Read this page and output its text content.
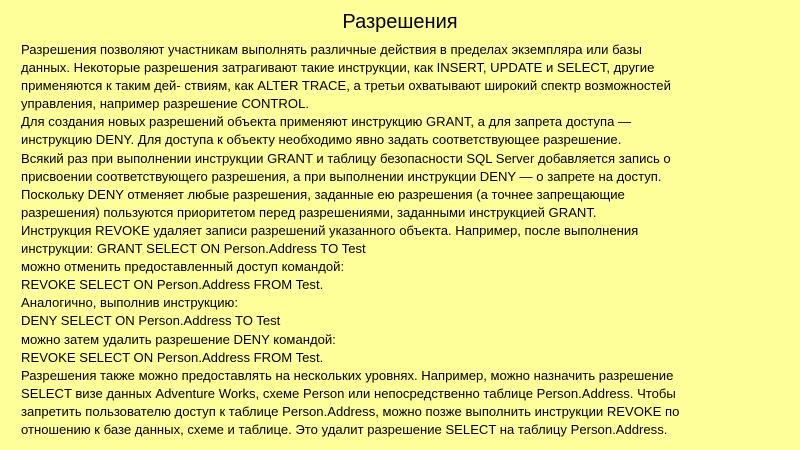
Разрешения
Разрешения позволяют участникам выполнять различные действия в пределах экземпляра или базы
данных. Некоторые разрешения затрагивают такие инструкции, как INSERT, UPDATE и SELECT, другие
применяются к таким дей- ствиям, как ALTER TRACE, а третьи охватывают широкий спектр возможностей
управления, например разрешение CONTROL.
Для создания новых разрешений объекта применяют инструкцию GRANT, а для запрета доступа —
инструкцию DENY. Для доступа к объекту необходимо явно задать соответствующее разрешение.
Всякий раз при выполнении инструкции GRANT и таблицу безопасности SQL Server добавляется запись о
присвоении соответствующего разрешения, а при выполнении инструкции DENY — о запрете на доступ.
Поскольку DENY отменяет любые разрешения, заданные ею разрешения (а точнее запрещающие
разрешения) пользуются приоритетом перед разрешениями, заданными инструкцией GRANT.
Инструкция REVOKE удаляет записи разрешений указанного объекта. Например, после выполнения
инструкции: GRANT SELECT ON Person.Address TO Test
можно отменить предоставленный доступ командой:
REVOKE SELECT ON Person.Address FROM Test.
Аналогично, выполнив инструкцию:
DENY SELECT ON Person.Address TO Test
можно затем удалить разрешение DENY командой:
REVOKE SELECT ON Person.Address FROM Test.
Разрешения также можно предоставлять на нескольких уровнях. Например, можно назначить разрешение
SELECT визе данных Adventure Works, схеме Person или непосредственно таблице Person.Address. Чтобы
запретить пользователю доступ к таблице Person.Address, можно позже выполнить инструкции REVOKE по
отношению к базе данных, схеме и таблице. Это удалит разрешение SELECT на таблицу Person.Address.
